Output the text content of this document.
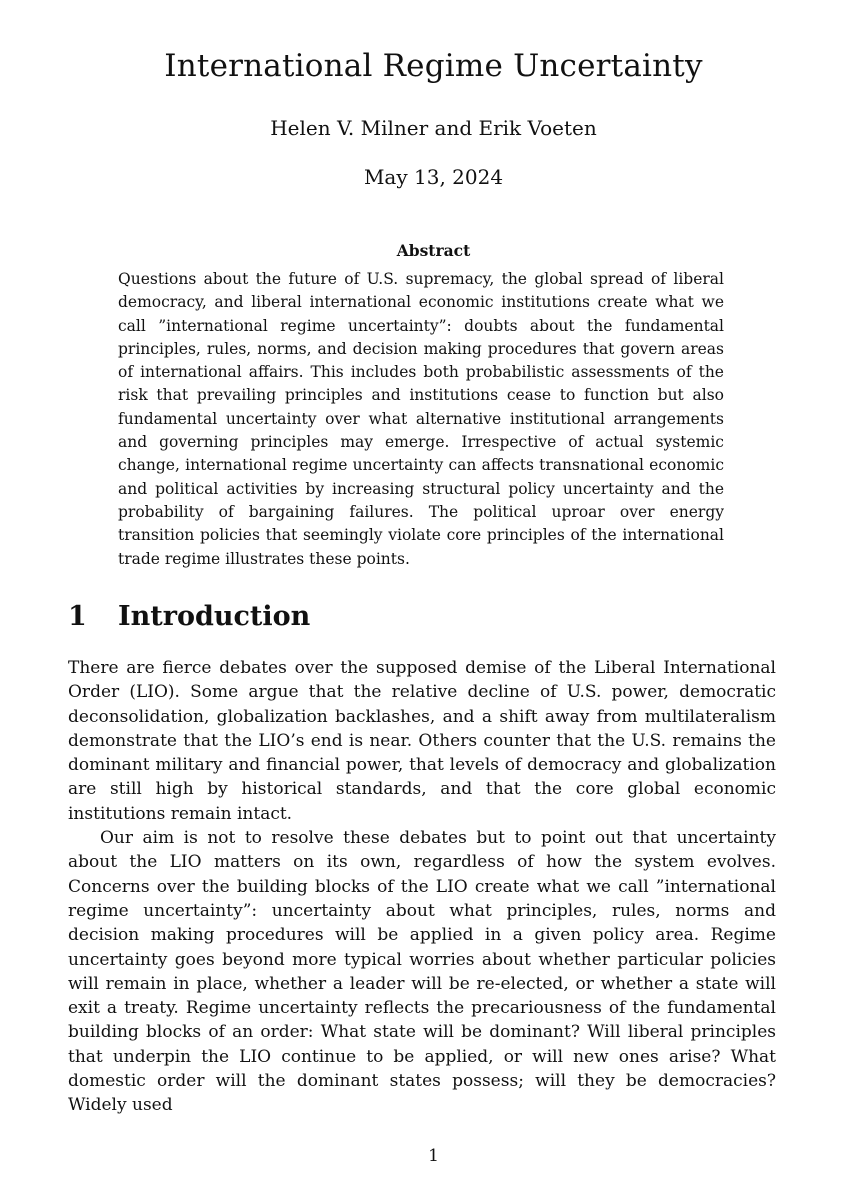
International Regime Uncertainty
Helen V. Milner and Erik Voeten
May 13, 2024
Abstract

Questions about the future of U.S. supremacy, the global spread of liberal democracy, and liberal international economic institutions create what we call ”international regime uncertainty”: doubts about the fundamental principles, rules, norms, and decision making procedures that govern areas of international affairs. This includes both probabilistic assessments of the risk that prevailing principles and institutions cease to function but also fundamental uncertainty over what alternative institutional arrangements and governing principles may emerge. Irrespective of actual systemic change, international regime uncertainty can affects transnational economic and political activities by increasing structural policy uncertainty and the probability of bargaining failures. The political uproar over energy transition policies that seemingly violate core principles of the international trade regime illustrates these points.

1 Introduction

There are fierce debates over the supposed demise of the Liberal International Order (LIO). Some argue that the relative decline of U.S. power, democratic deconsolidation, globalization backlashes, and a shift away from multilateralism demonstrate that the LIO’s end is near. Others counter that the U.S. remains the dominant military and financial power, that levels of democracy and globalization are still high by historical standards, and that the core global economic institutions remain intact.

Our aim is not to resolve these debates but to point out that uncertainty about the LIO matters on its own, regardless of how the system evolves. Concerns over the building blocks of the LIO create what we call ”international regime uncertainty”: uncertainty about what principles, rules, norms and decision making procedures will be applied in a given policy area. Regime uncertainty goes beyond more typical worries about whether particular policies will remain in place, whether a leader will be re-elected, or whether a state will exit a treaty. Regime uncertainty reflects the precariousness of the fundamental building blocks of an order: What state will be dominant? Will liberal principles that underpin the LIO continue to be applied, or will new ones arise? What domestic order will the dominant states possess; will they be democracies? Widely used

1
